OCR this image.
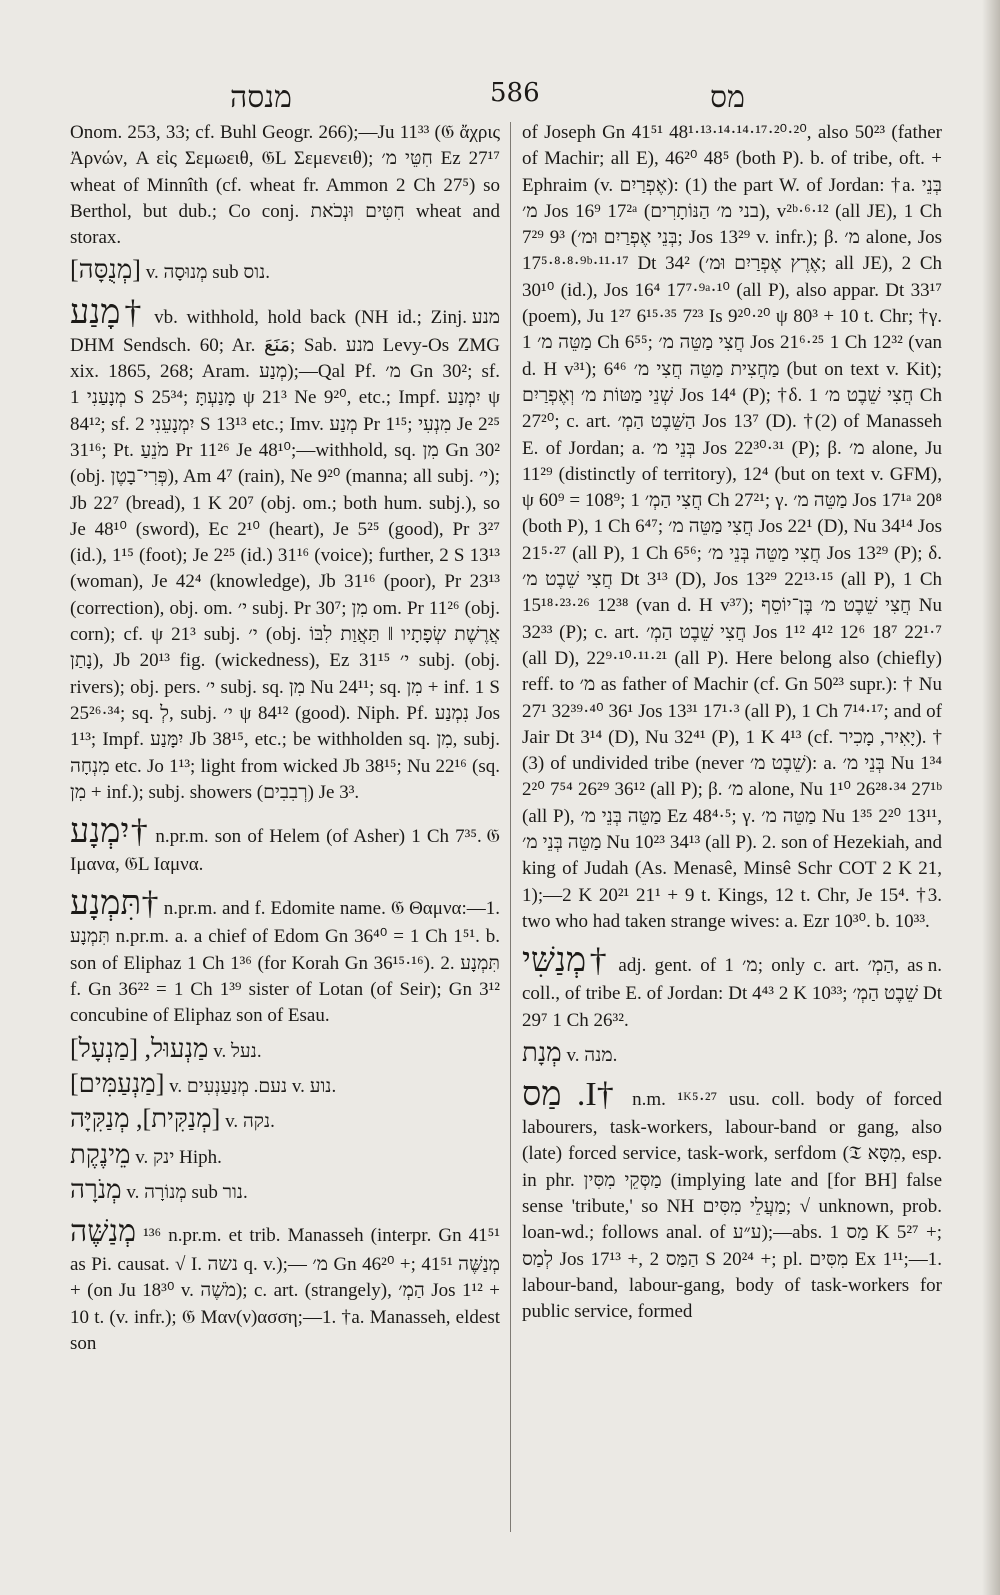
מנסה	586	מס

Onom. 253, 33; cf. Buhl Geogr. 266);—Ju 11³³ (𝔊 ἄχρις Ἀρνών, A εἰς Σεμωειθ, 𝔊L Σεμενειθ); חִטֵּי מ׳ Ez 27¹⁷ wheat of Minnîth (cf. wheat fr. Ammon 2 Ch 27⁵) so Berthol, but dub.; Co conj. חִטִּים וּנְכֹאת wheat and storax.

[מְנֻסָּה] v. מְנוּסָה sub נוס.

†מָנַע vb. withhold, hold back (NH id.; Zinj. מנע DHM Sendsch. 60; Ar. مَنَعَ; Sab. מנע Levy-Os ZMG xix. 1865, 268; Aram. מְנַע);—Qal Pf. מ׳ Gn 30²; sf. מְנָעַנִי 1 S 25³⁴; מָנַעְתָּ ψ 21³ Ne 9²⁰, etc.; Impf. יִמְנַע ψ 84¹²; sf. יִמְנָעֵנִי 2 S 13¹³ etc.; Imv. מְנַע Pr 1¹⁵; מִנְעִי Je 2²⁵ 31¹⁶; Pt. מֹנֵעַ Pr 11²⁶ Je 48¹⁰;—withhold, sq. מִן Gn 30² (obj. פְּרִי־בָטֶן), Am 4⁷ (rain), Ne 9²⁰ (manna; all subj. י׳); Jb 22⁷ (bread), 1 K 20⁷ (obj. om.; both hum. subj.), so Je 48¹⁰ (sword), Ec 2¹⁰ (heart), Je 5²⁵ (good), Pr 3²⁷ (id.), 1¹⁵ (foot); Je 2²⁵ (id.) 31¹⁶ (voice); further, 2 S 13¹³ (woman), Je 42⁴ (knowledge), Jb 31¹⁶ (poor), Pr 23¹³ (correction), obj. om. י׳ subj. Pr 30⁷; מִן om. Pr 11²⁶ (obj. corn); cf. ψ 21³ subj. י׳ (obj. אֲרֶשֶׁת שְׂפָתָיו ‖ תַּאֲוַת לִבּוֹ נָתַן), Jb 20¹³ fig. (wickedness), Ez 31¹⁵ י׳ subj. (obj. rivers); obj. pers. י׳ subj. sq. מִן Nu 24¹¹; sq. מִן + inf. 1 S 25²⁶·³⁴; sq. לְ, subj. י׳ ψ 84¹² (good). Niph. Pf. נִמְנַע Jos 1¹³; Impf. יִמָּנַע Jb 38¹⁵, etc.; be withholden sq. מִן, subj. מִנְחָה etc. Jo 1¹³; light from wicked Jb 38¹⁵; Nu 22¹⁶ (sq. מִן + inf.); subj. showers (רְבִבִים) Je 3³.

†יִמְנָע n.pr.m. son of Helem (of Asher) 1 Ch 7³⁵. 𝔊 Ιμανα, 𝔊L Ιαμνα.

†תִּמְנָע n.pr.m. and f. Edomite name. 𝔊 Θαμνα:—1. תִּמְנָע n.pr.m. a. a chief of Edom Gn 36⁴⁰ = 1 Ch 1⁵¹. b. son of Eliphaz 1 Ch 1³⁶ (for Korah Gn 36¹⁵·¹⁶). 2. תִּמְנָע f. Gn 36²² = 1 Ch 1³⁹ sister of Lotan (of Seir); Gn 3¹² concubine of Eliphaz son of Esau.

מַנְעוּל, [מַנְעָל] v. נעל.

[מַנְעַמִּים] v. נעם. מְנַעַנְעִים v. נוע.

[מְנַקִּית], מְנַקִּיָּה v. נקה.

מֵינֶקֶת v. ינק Hiph.

מְנֹרָה v. מְנוֹרָה sub נור.

מְנַשֶּׁה ¹³⁶ n.pr.m. et trib. Manasseh (interpr. Gn 41⁵¹ as Pi. causat. √ I. נשה q. v.);— מ׳ Gn 46²⁰ +; מְנַשֶּׁה 41⁵¹ + (on Ju 18³⁰ v. מֹשֶׁה); c. art. (strangely), הַמְ׳ Jos 1¹² + 10 t. (v. infr.); 𝔊 Μαν(ν)ασση;—1. †a. Manasseh, eldest son

of Joseph Gn 41⁵¹ 48¹·¹³·¹⁴·¹⁴·¹⁷·²⁰·²⁰, also 50²³ (father of Machir; all E), 46²⁰ 48⁵ (both P). b. of tribe, oft. + Ephraim (v. אֶפְרַיִם): (1) the part W. of Jordan: †a. בְּנֵי מ׳ Jos 16⁹ 17²ᵃ (בני מ׳ הַנּוֹתָרִים), v²ᵇ·⁶·¹² (all JE), 1 Ch 7²⁹ 9³ (בְּנֵי אֶפְרַיִם וּמ׳; Jos 13²⁹ v. infr.); β. מ׳ alone, Jos 17⁵·⁸·⁸·⁹ᵇ·¹¹·¹⁷ Dt 34² (אֶרֶץ אֶפְרַיִם וּמ׳; all JE), 2 Ch 30¹⁰ (id.), Jos 16⁴ 17⁷·⁹ᵃ·¹⁰ (all P), also appar. Dt 33¹⁷ (poem), Ju 1²⁷ 6¹⁵·³⁵ 7²³ Is 9²⁰·²⁰ ψ 80³ + 10 t. Chr; †γ. מַטֵּה מ׳ 1 Ch 6⁵⁵; חֲצִי מַטֵּה מ׳ Jos 21⁶·²⁵ 1 Ch 12³² (van d. H v³¹); מַחֲצִית מַטֵּה חֲצִי מ׳ 6⁴⁶ (but on text v. Kit); שְׁנֵי מַטּוֹת מ׳ וְאֶפְרַיִם Jos 14⁴ (P); †δ. חֲצִי שֵׁבֶט מ׳ 1 Ch 27²⁰; c. art. הַשֵּׁבֶט הַמְ׳ Jos 13⁷ (D). †(2) of Manasseh E. of Jordan; a. בְּנֵי מ׳ Jos 22³⁰·³¹ (P); β. מ׳ alone, Ju 11²⁹ (distinctly of territory), 12⁴ (but on text v. GFM), ψ 60⁹ = 108⁹; חֲצִי הַמְ׳ 1 Ch 27²¹; γ. מַטֵּה מ׳ Jos 17¹ᵃ 20⁸ (both P), 1 Ch 6⁴⁷; חֲצִי מַטֵּה מ׳ Jos 22¹ (D), Nu 34¹⁴ Jos 21⁵·²⁷ (all P), 1 Ch 6⁵⁶; חֲצִי מַטֵּה בְּנֵי מ׳ Jos 13²⁹ (P); δ. חֲצִי שֵׁבֶט מ׳ Dt 3¹³ (D), Jos 13²⁹ 22¹³·¹⁵ (all P), 1 Ch 15¹⁸·²³·²⁶ 12³⁸ (van d. H v³⁷); חֲצִי שֵׁבֶט מ׳ בֶּן־יוֹסֵף Nu 32³³ (P); c. art. חֲצִי שֵׁבֶט הַמְ׳ Jos 1¹² 4¹² 12⁶ 18⁷ 22¹·⁷ (all D), 22⁹·¹⁰·¹¹·²¹ (all P). Here belong also (chiefly) reff. to מ׳ as father of Machir (cf. Gn 50²³ supr.): † Nu 27¹ 32³⁹·⁴⁰ 36¹ Jos 13³¹ 17¹·³ (all P), 1 Ch 7¹⁴·¹⁷; and of Jair Dt 3¹⁴ (D), Nu 32⁴¹ (P), 1 K 4¹³ (cf. יָאִיר, מָכִיר). † (3) of undivided tribe (never שֵׁבֶט מ׳): a. בְּנֵי מ׳ Nu 1³⁴ 2²⁰ 7⁵⁴ 26²⁹ 36¹² (all P); β. מ׳ alone, Nu 1¹⁰ 26²⁸·³⁴ 27¹ᵇ (all P), מַטֵּה בְּנֵי מ׳ Ez 48⁴·⁵; γ. מַטֵּה מ׳ Nu 1³⁵ 2²⁰ 13¹¹, מַטֵּה בְּנֵי מ׳ Nu 10²³ 34¹³ (all P). 2. son of Hezekiah, and king of Judah (As. Menasê, Minsê Schr COT 2 K 21, 1);—2 K 20²¹ 21¹ + 9 t. Kings, 12 t. Chr, Je 15⁴. †3. two who had taken strange wives: a. Ezr 10³⁰. b. 10³³.

†מְנַשִּׁי adj. gent. of מ׳ 1; only c. art. הַמְ׳, as n. coll., of tribe E. of Jordan: Dt 4⁴³ 2 K 10³³; שֵׁבֶט הַמְ׳ Dt 29⁷ 1 Ch 26³².

מְנָת v. מנה.

†I. מַס n.m. ¹ᴷ⁵·²⁷ usu. coll. body of forced labourers, task-workers, labour-band or gang, also (late) forced service, task-work, serfdom (𝔗 מִסָּא, esp. in phr. מַסְּקֵי מִסִּין (implying late and [for BH] false sense 'tribute,' so NH מַעֲלֵי מִסִּים; √ unknown, prob. loan-wd.; follows anal. of ע״ע);—abs. מַס 1 K 5²⁷ +; לְמַס Jos 17¹³ +, הַמַּס 2 S 20²⁴ +; pl. מִסִּים Ex 1¹¹;—1. labour-band, labour-gang, body of task-workers for public service, formed
